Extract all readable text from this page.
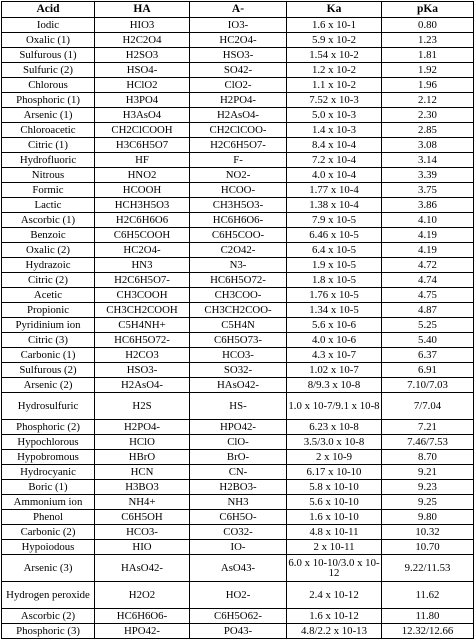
Acid	HA	A-	Ka	pKa
Iodic	HIO3	IO3-	1.6 x 10-1	0.80
Oxalic (1)	H2C2O4	HC2O4-	5.9 x 10-2	1.23
Sulfurous (1)	H2SO3	HSO3-	1.54 x 10-2	1.81
Sulfuric (2)	HSO4-	SO42-	1.2 x 10-2	1.92
Chlorous	HClO2	ClO2-	1.1 x 10-2	1.96
Phosphoric (1)	H3PO4	H2PO4-	7.52 x 10-3	2.12
Arsenic (1)	H3AsO4	H2AsO4-	5.0 x 10-3	2.30
Chloroacetic	CH2ClCOOH	CH2ClCOO-	1.4 x 10-3	2.85
Citric (1)	H3C6H5O7	H2C6H5O7-	8.4 x 10-4	3.08
Hydrofluoric	HF	F-	7.2 x 10-4	3.14
Nitrous	HNO2	NO2-	4.0 x 10-4	3.39
Formic	HCOOH	HCOO-	1.77 x 10-4	3.75
Lactic	HCH3H5O3	CH3H5O3-	1.38 x 10-4	3.86
Ascorbic (1)	H2C6H6O6	HC6H6O6-	7.9 x 10-5	4.10
Benzoic	C6H5COOH	C6H5COO-	6.46 x 10-5	4.19
Oxalic (2)	HC2O4-	C2O42-	6.4 x 10-5	4.19
Hydrazoic	HN3	N3-	1.9 x 10-5	4.72
Citric (2)	H2C6H5O7-	HC6H5O72-	1.8 x 10-5	4.74
Acetic	CH3COOH	CH3COO-	1.76 x 10-5	4.75
Propionic	CH3CH2COOH	CH3CH2COO-	1.34 x 10-5	4.87
Pyridinium ion	C5H4NH+	C5H4N	5.6 x 10-6	5.25
Citric (3)	HC6H5O72-	C6H5O73-	4.0 x 10-6	5.40
Carbonic (1)	H2CO3	HCO3-	4.3 x 10-7	6.37
Sulfurous (2)	HSO3-	SO32-	1.02 x 10-7	6.91
Arsenic (2)	H2AsO4-	HAsO42-	8/9.3 x 10-8	7.10/7.03
Hydrosulfuric	H2S	HS-	1.0 x 10-7/9.1 x 10-8	7/7.04
Phosphoric (2)	H2PO4-	HPO42-	6.23 x 10-8	7.21
Hypochlorous	HClO	ClO-	3.5/3.0 x 10-8	7.46/7.53
Hypobromous	HBrO	BrO-	2 x 10-9	8.70
Hydrocyanic	HCN	CN-	6.17 x 10-10	9.21
Boric (1)	H3BO3	H2BO3-	5.8 x 10-10	9.23
Ammonium ion	NH4+	NH3	5.6 x 10-10	9.25
Phenol	C6H5OH	C6H5O-	1.6 x 10-10	9.80
Carbonic (2)	HCO3-	CO32-	4.8 x 10-11	10.32
Hypoiodous	HIO	IO-	2 x 10-11	10.70
Arsenic (3)	HAsO42-	AsO43-	6.0 x 10-10/3.0 x 10-12	9.22/11.53
Hydrogen peroxide	H2O2	HO2-	2.4 x 10-12	11.62
Ascorbic (2)	HC6H6O6-	C6H5O62-	1.6 x 10-12	11.80
Phosphoric (3)	HPO42-	PO43-	4.8/2.2 x 10-13	12.32/12.66
